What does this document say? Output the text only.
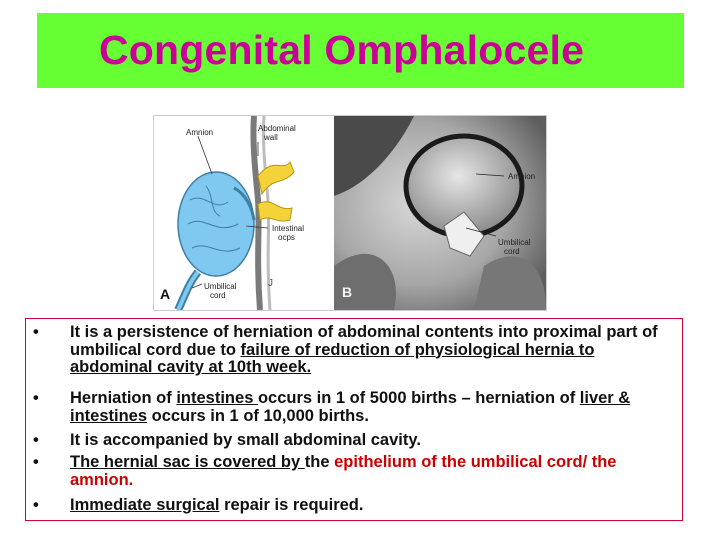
Congenital Omphalocele
J
Amnion	Abdominal
wall
Intestinal
ocps
Umbilical
cord
A
Amnion
Umbilical
cord
B
• It is a persistence of herniation of abdominal contents into proximal part of umbilical cord due to failure of reduction of physiological hernia to abdominal cavity at 10th week.
• Herniation of intestines occurs in 1 of 5000 births – herniation of liver & intestines occurs in 1 of 10,000 births.
• It is accompanied by small abdominal cavity.
• The hernial sac is covered by the epithelium of the umbilical cord/ the amnion.
• Immediate surgical repair is required.
